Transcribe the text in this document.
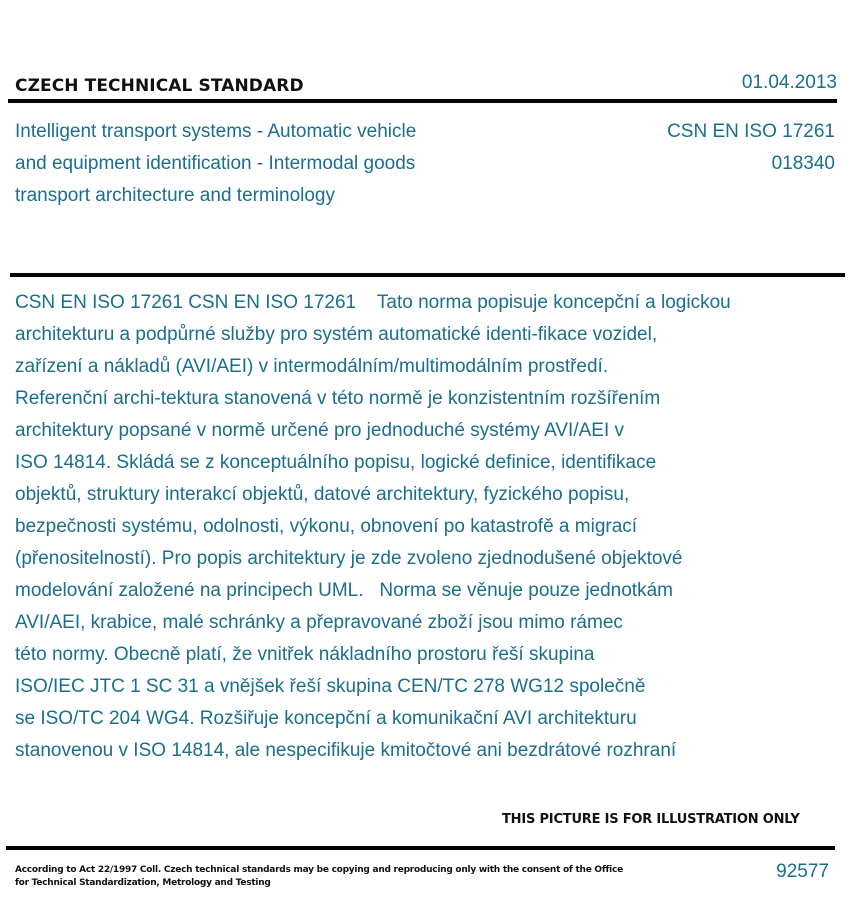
CZECH TECHNICAL STANDARD	01.04.2013
Intelligent transport systems - Automatic vehicle
and equipment identification - Intermodal goods
transport architecture and terminology
CSN EN ISO 17261
018340
CSN EN ISO 17261 CSN EN ISO 17261    Tato norma popisuje koncepční a logickou
architekturu a podpůrné služby pro systém automatické identi-fikace vozidel,
zařízení a nákladů (AVI/AEI) v intermodálním/multimodálním prostředí.
Referenční archi-tektura stanovená v této normě je konzistentním rozšířením
architektury popsané v normě určené pro jednoduché systémy AVI/AEI v
ISO 14814. Skládá se z konceptuálního popisu, logické definice, identifikace
objektů, struktury interakcí objektů, datové architektury, fyzického popisu,
bezpečnosti systému, odolnosti, výkonu, obnovení po katastrofě a migrací
(přenositelností). Pro popis architektury je zde zvoleno zjednodušené objektové
modelování založené na principech UML.   Norma se věnuje pouze jednotkám
AVI/AEI, krabice, malé schránky a přepravované zboží jsou mimo rámec
této normy. Obecně platí, že vnitřek nákladního prostoru řeší skupina
ISO/IEC JTC 1 SC 31 a vnějšek řeší skupina CEN/TC 278 WG12 společně
se ISO/TC 204 WG4. Rozšiřuje koncepční a komunikační AVI architekturu
stanovenou v ISO 14814, ale nespecifikuje kmitočtové ani bezdrátové rozhraní
THIS PICTURE IS FOR ILLUSTRATION ONLY
According to Act 22/1997 Coll. Czech technical standards may be copying and reproducing only with the consent of the Office
for Technical Standardization, Metrology and Testing
92577
